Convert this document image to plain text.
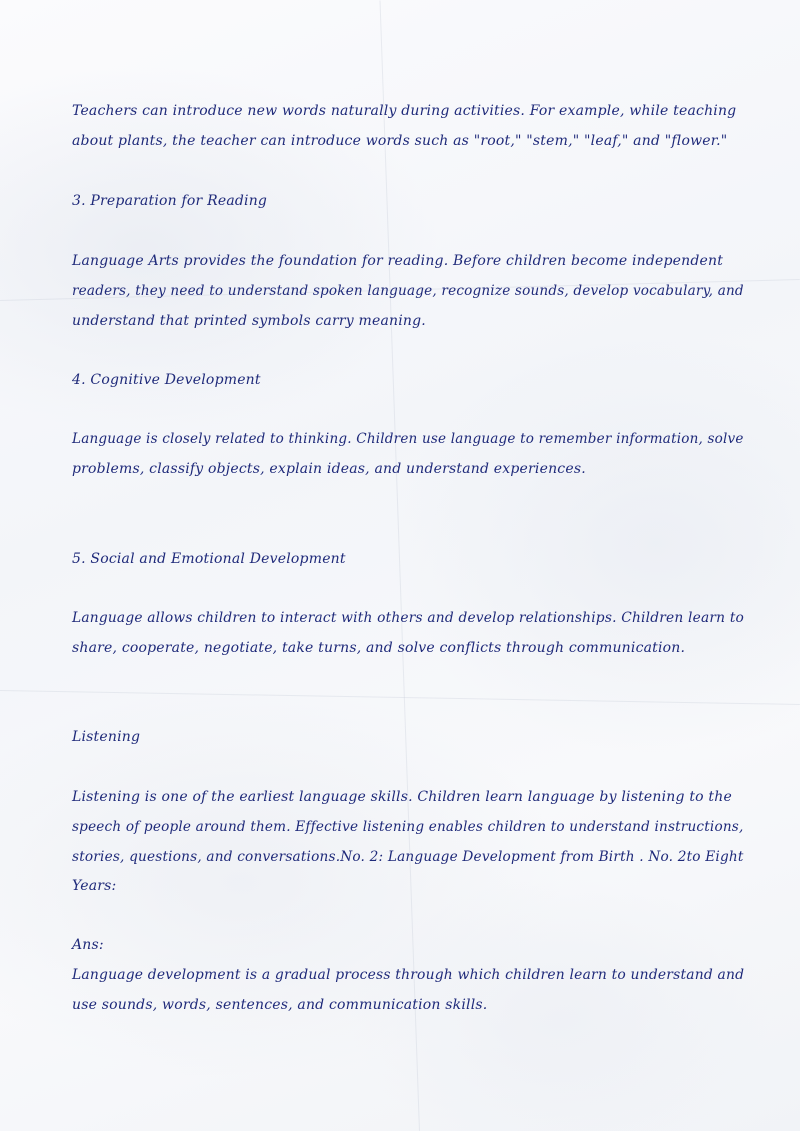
Teachers can introduce new words naturally during activities. For example, while teaching
about plants, the teacher can introduce words such as "root," "stem," "leaf," and "flower."
3. Preparation for Reading
Language Arts provides the foundation for reading. Before children become independent
readers, they need to understand spoken language, recognize sounds, develop vocabulary, and
understand that printed symbols carry meaning.
4. Cognitive Development
Language is closely related to thinking. Children use language to remember information, solve
problems, classify objects, explain ideas, and understand experiences.
5. Social and Emotional Development
Language allows children to interact with others and develop relationships. Children learn to
share, cooperate, negotiate, take turns, and solve conflicts through communication.
Listening
Listening is one of the earliest language skills. Children learn language by listening to the
speech of people around them. Effective listening enables children to understand instructions,
stories, questions, and conversations.No. 2: Language Development from Birth . No. 2to Eight
Years:
Ans:
Language development is a gradual process through which children learn to understand and
use sounds, words, sentences, and communication skills.
